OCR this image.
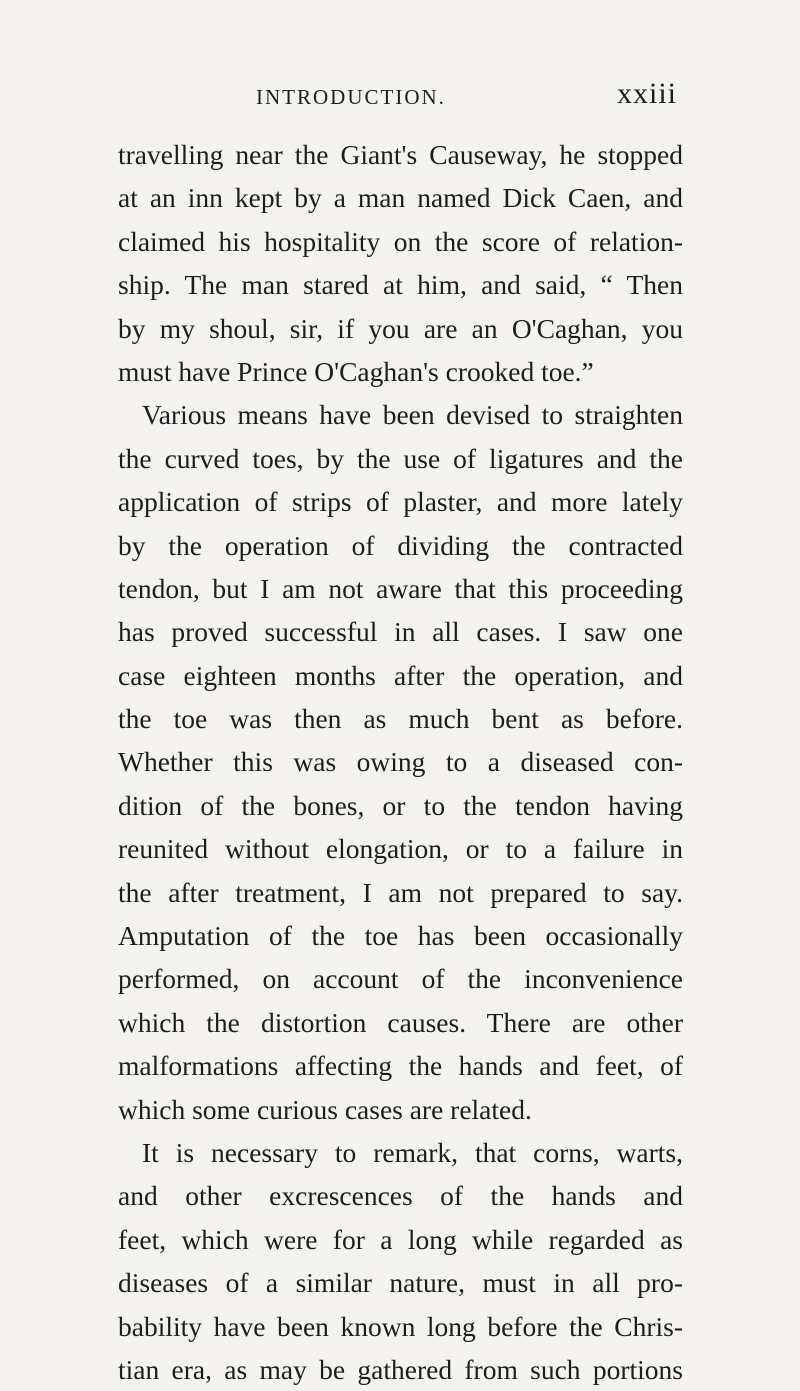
INTRODUCTION.	xxiii
travelling near the Giant's Causeway, he stopped
at an inn kept by a man named Dick Caen, and
claimed his hospitality on the score of relation-
ship. The man stared at him, and said, “ Then
by my shoul, sir, if you are an O'Caghan, you
must have Prince O'Caghan's crooked toe.”
Various means have been devised to straighten
the curved toes, by the use of ligatures and the
application of strips of plaster, and more lately
by the operation of dividing the contracted
tendon, but I am not aware that this proceeding
has proved successful in all cases. I saw one
case eighteen months after the operation, and
the toe was then as much bent as before.
Whether this was owing to a diseased con-
dition of the bones, or to the tendon having
reunited without elongation, or to a failure in
the after treatment, I am not prepared to say.
Amputation of the toe has been occasionally
performed, on account of the inconvenience
which the distortion causes. There are other
malformations affecting the hands and feet, of
which some curious cases are related.
It is necessary to remark, that corns, warts,
and other excrescences of the hands and
feet, which were for a long while regarded as
diseases of a similar nature, must in all pro-
bability have been known long before the Chris-
tian era, as may be gathered from such portions
